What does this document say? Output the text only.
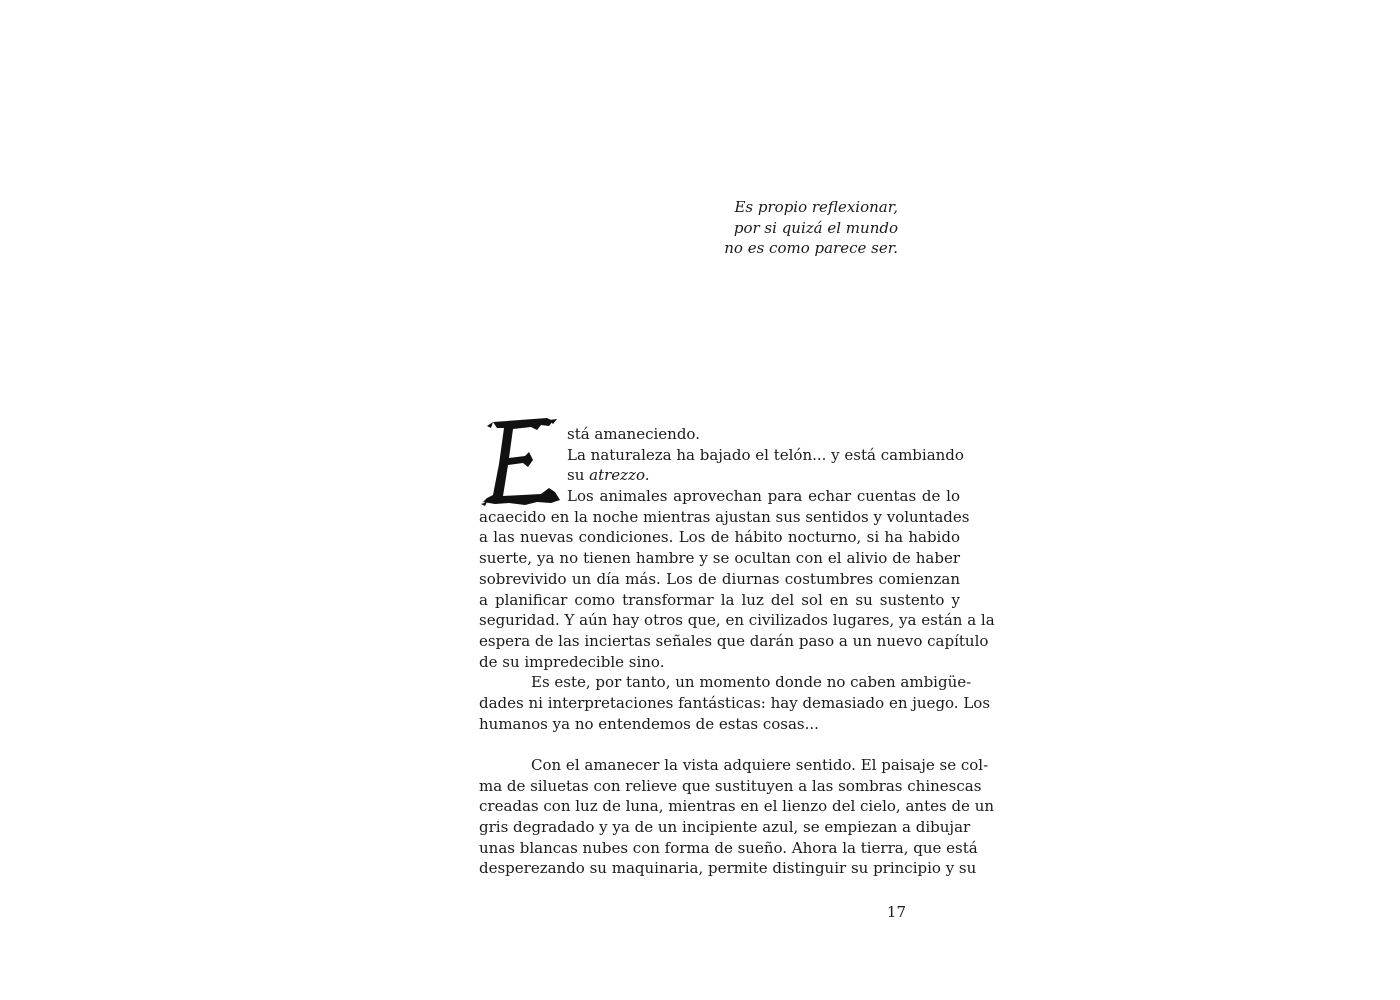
Es propio reflexionar,
por si quizá el mundo
no es como parece ser.
stá amaneciendo.
La naturaleza ha bajado el telón... y está cambiando
su atrezzo.
Los animales aprovechan para echar cuentas de lo
acaecido en la noche mientras ajustan sus sentidos y voluntades
a las nuevas condiciones. Los de hábito nocturno, si ha habido
suerte, ya no tienen hambre y se ocultan con el alivio de haber
sobrevivido un día más. Los de diurnas costumbres comienzan
a planificar como transformar la luz del sol en su sustento y
seguridad. Y aún hay otros que, en civilizados lugares, ya están a la
espera de las inciertas señales que darán paso a un nuevo capítulo
de su impredecible sino.
Es este, por tanto, un momento donde no caben ambigüe-
dades ni interpretaciones fantásticas: hay demasiado en juego. Los
humanos ya no entendemos de estas cosas...
Con el amanecer la vista adquiere sentido. El paisaje se col-
ma de siluetas con relieve que sustituyen a las sombras chinescas
creadas con luz de luna, mientras en el lienzo del cielo, antes de un
gris degradado y ya de un incipiente azul, se empiezan a dibujar
unas blancas nubes con forma de sueño. Ahora la tierra, que está
desperezando su maquinaria, permite distinguir su principio y su
17
